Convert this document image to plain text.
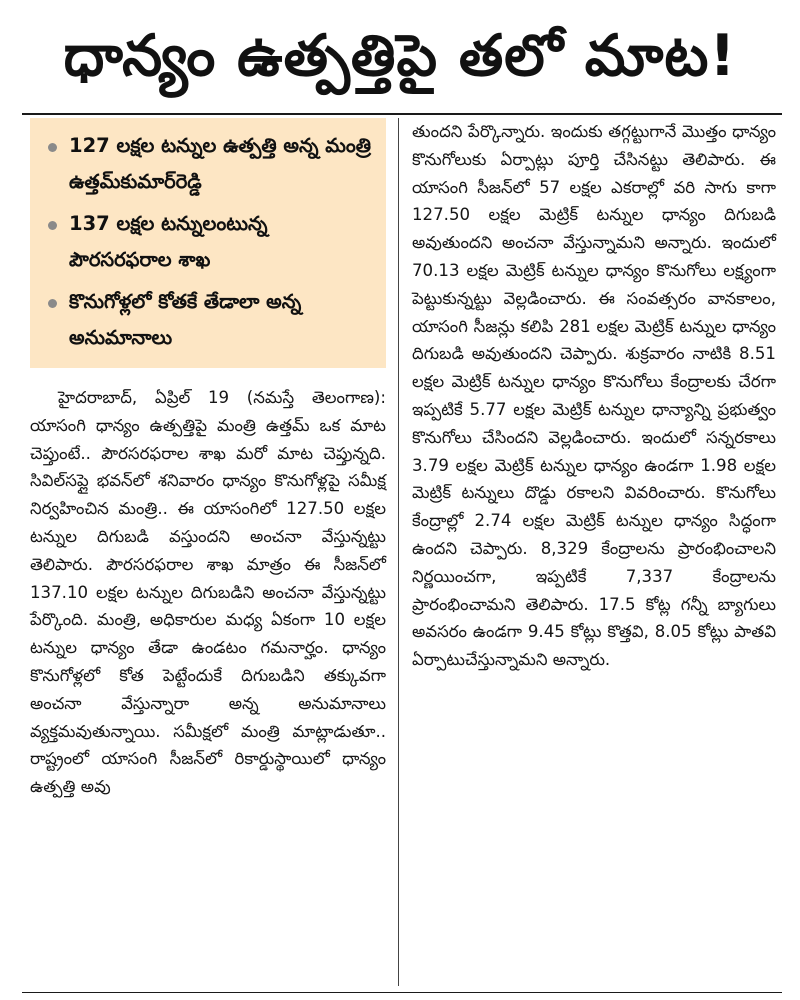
ధాన్యం ఉత్పత్తిపై తలో మాట!
127 లక్షల టన్నుల ఉత్పత్తి అన్న మంత్రి ఉత్తమ్‌కుమార్‌రెడ్డి
137 లక్షల టన్నులంటున్న పౌరసరఫరాల శాఖ
కొనుగోళ్లలో కోతకే తేడాలా అన్న అనుమానాలు

హైదరాబాద్, ఏప్రిల్ 19 (నమస్తే తెలంగాణ): యాసంగి ధాన్యం ఉత్పత్తిపై మంత్రి ఉత్తమ్ ఒక మాట చెప్తుంటే.. పౌరసరఫరాల శాఖ మరో మాట చెప్తున్నది. సివిల్‌సప్లై భవన్‌లో శనివారం ధాన్యం కొనుగోళ్లపై సమీక్ష నిర్వహించిన మంత్రి.. ఈ యాసంగిలో 127.50 లక్షల టన్నుల దిగుబడి వస్తుందని అంచనా వేస్తున్నట్టు తెలిపారు. పౌరసరఫరాల శాఖ మాత్రం ఈ సీజన్‌లో 137.10 లక్షల టన్నుల దిగుబడిని అంచనా వేస్తున్నట్టు పేర్కొంది. మంత్రి, అధికారుల మధ్య ఏకంగా 10 లక్షల టన్నుల ధాన్యం తేడా ఉండటం గమనార్హం. ధాన్యం కొనుగోళ్లలో కోత పెట్టేందుకే దిగుబడిని తక్కువగా అంచనా వేస్తున్నారా అన్న అనుమానాలు వ్యక్తమవుతున్నాయి. సమీక్షలో మంత్రి మాట్లాడుతూ.. రాష్ట్రంలో యాసంగి సీజన్‌లో రికార్డుస్థాయిలో ధాన్యం ఉత్పత్తి అవు

తుందని పేర్కొన్నారు. ఇందుకు తగ్గట్టుగానే మొత్తం ధాన్యం కొనుగోలుకు ఏర్పాట్లు పూర్తి చేసినట్టు తెలిపారు. ఈ యాసంగి సీజన్‌లో 57 లక్షల ఎకరాల్లో వరి సాగు కాగా 127.50 లక్షల మెట్రిక్ టన్నుల ధాన్యం దిగుబడి అవుతుందని అంచనా వేస్తున్నామని అన్నారు. ఇందులో 70.13 లక్షల మెట్రిక్ టన్నుల ధాన్యం కొనుగోలు లక్ష్యంగా పెట్టుకున్నట్టు వెల్లడించారు. ఈ సంవత్సరం వానకాలం, యాసంగి సీజన్లు కలిపి 281 లక్షల మెట్రిక్ టన్నుల ధాన్యం దిగుబడి అవుతుందని చెప్పారు. శుక్రవారం నాటికి 8.51 లక్షల మెట్రిక్ టన్నుల ధాన్యం కొనుగోలు కేంద్రాలకు చేరగా ఇప్పటికే 5.77 లక్షల మెట్రిక్ టన్నుల ధాన్యాన్ని ప్రభుత్వం కొనుగోలు చేసిందని వెల్లడించారు. ఇందులో సన్నరకాలు 3.79 లక్షల మెట్రిక్ టన్నుల ధాన్యం ఉండగా 1.98 లక్షల మెట్రిక్ టన్నులు దొడ్డు రకాలని వివరించారు. కొనుగోలు కేంద్రాల్లో 2.74 లక్షల మెట్రిక్ టన్నుల ధాన్యం సిద్ధంగా ఉందని చెప్పారు. 8,329 కేంద్రాలను ప్రారంభించాలని నిర్ణయించగా, ఇప్పటికే 7,337 కేంద్రాలను ప్రారంభించామని తెలిపారు. 17.5 కోట్ల గన్నీ బ్యాగులు అవసరం ఉండగా 9.45 కోట్లు కొత్తవి, 8.05 కోట్లు పాతవి ఏర్పాటుచేస్తున్నామని అన్నారు.
